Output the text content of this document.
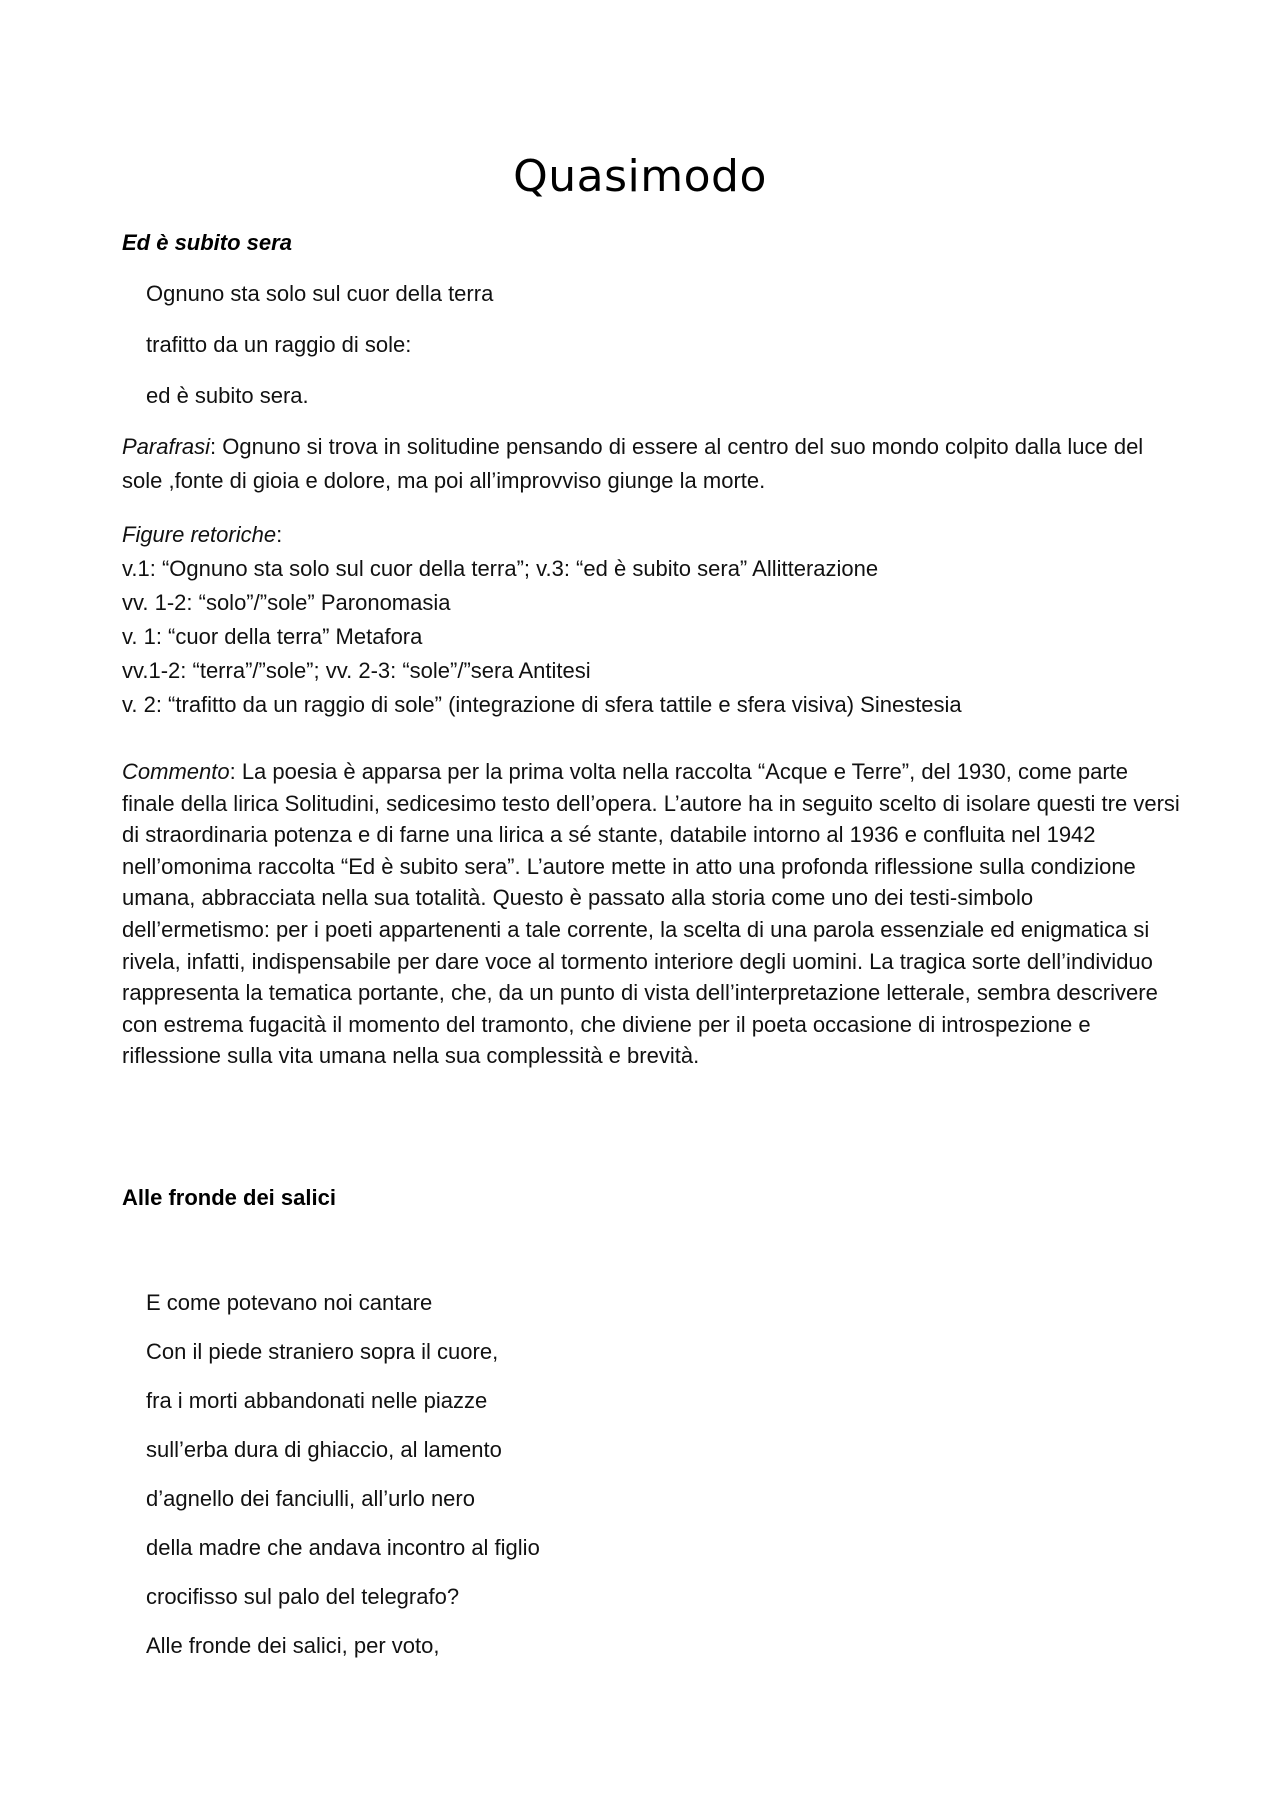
Quasimodo

Ed è subito sera

Ognuno sta solo sul cuor della terra

trafitto da un raggio di sole:

ed è subito sera.

Parafrasi: Ognuno si trova in solitudine pensando di essere al centro del suo mondo colpito dalla luce del sole ,fonte di gioia e dolore, ma poi all’improvviso giunge la morte.

Figure retoriche:
v.1: “Ognuno sta solo sul cuor della terra”; v.3: “ed è subito sera” Allitterazione
vv. 1-2: “solo”/”sole” Paronomasia
v. 1: “cuor della terra” Metafora
vv.1-2: “terra”/”sole”; vv. 2-3: “sole”/”sera Antitesi
v. 2: “trafitto da un raggio di sole” (integrazione di sfera tattile e sfera visiva) Sinestesia

Commento: La poesia è apparsa per la prima volta nella raccolta “Acque e Terre”, del 1930, come parte finale della lirica Solitudini, sedicesimo testo dell’opera. L’autore ha in seguito scelto di isolare questi tre versi di straordinaria potenza e di farne una lirica a sé stante, databile intorno al 1936 e confluita nel 1942 nell’omonima raccolta “Ed è subito sera”. L’autore mette in atto una profonda riflessione sulla condizione umana, abbracciata nella sua totalità. Questo è passato alla storia come uno dei testi-simbolo dell’ermetismo: per i poeti appartenenti a tale corrente, la scelta di una parola essenziale ed enigmatica si rivela, infatti, indispensabile per dare voce al tormento interiore degli uomini. La tragica sorte dell’individuo rappresenta la tematica portante, che, da un punto di vista dell’interpretazione letterale, sembra descrivere con estrema fugacità il momento del tramonto, che diviene per il poeta occasione di introspezione e riflessione sulla vita umana nella sua complessità e brevità.

Alle fronde dei salici

E come potevano noi cantare

Con il piede straniero sopra il cuore,

fra i morti abbandonati nelle piazze

sull’erba dura di ghiaccio, al lamento

d’agnello dei fanciulli, all’urlo nero

della madre che andava incontro al figlio

crocifisso sul palo del telegrafo?

Alle fronde dei salici, per voto,
